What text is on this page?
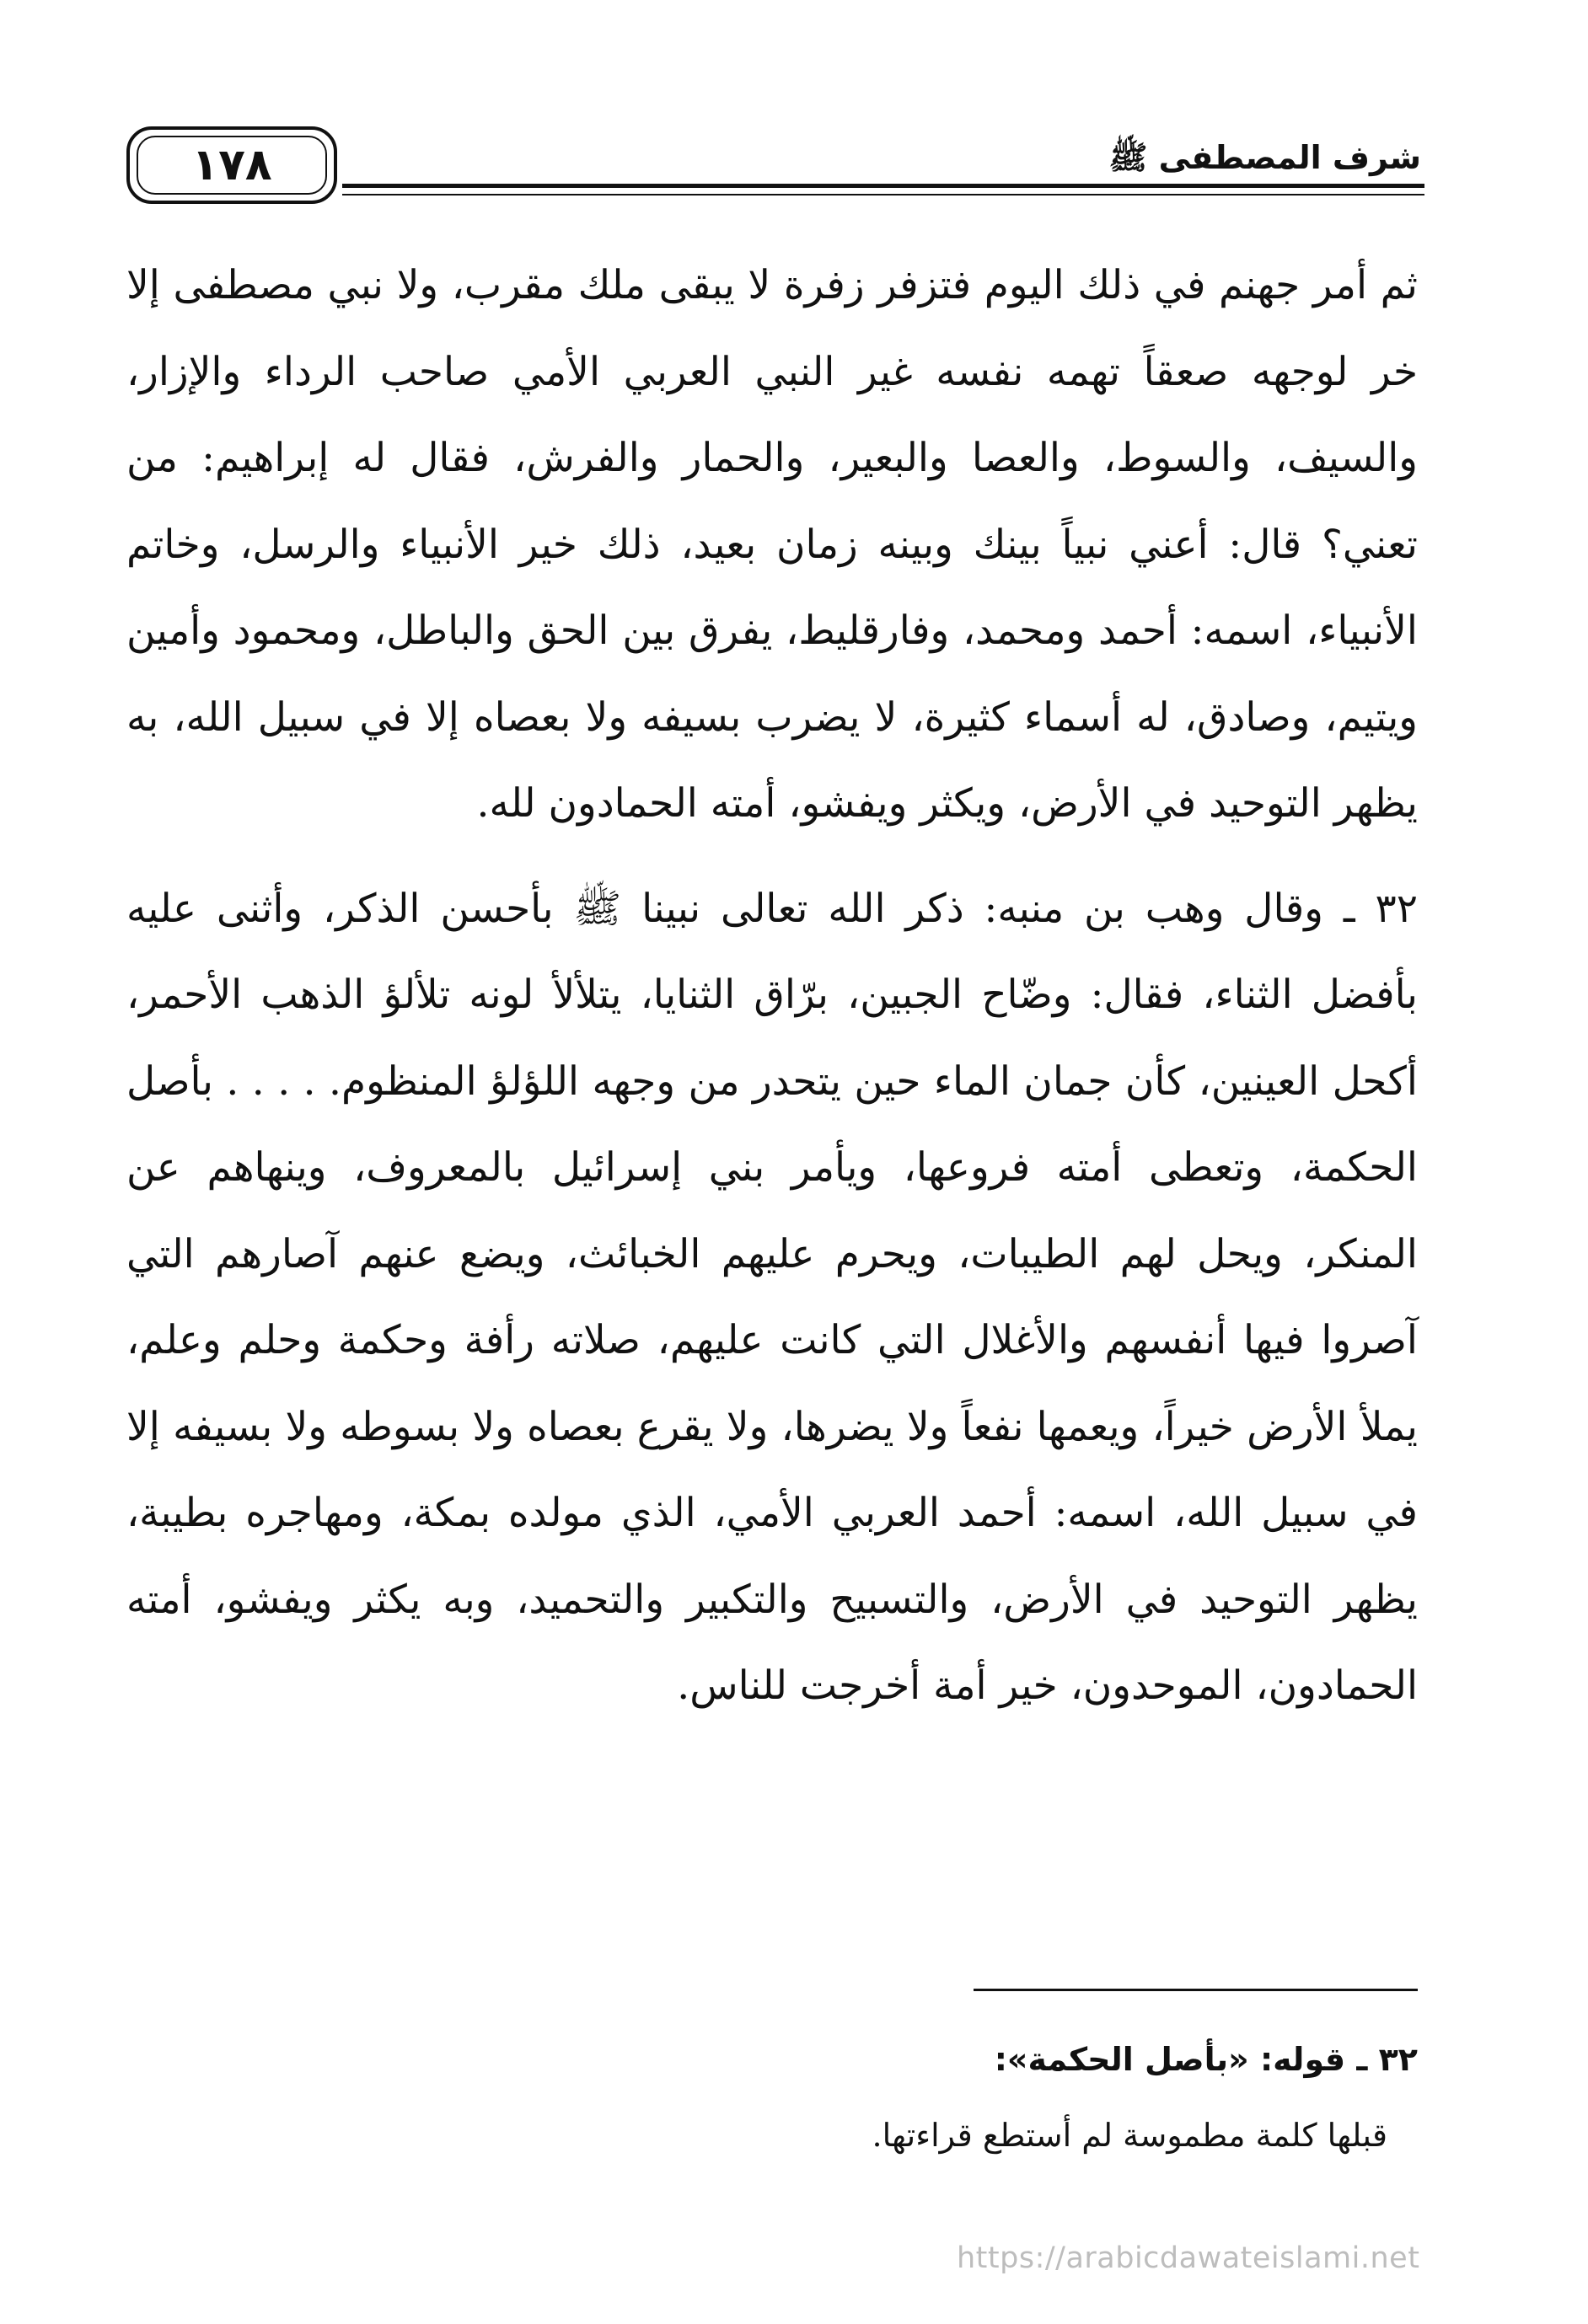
١٧٨	شرف المصطفى ﷺ

ثم أمر جهنم في ذلك اليوم فتزفر زفرة لا يبقى ملك مقرب، ولا نبي مصطفى إلا خر لوجهه صعقاً تهمه نفسه غير النبي العربي الأمي صاحب الرداء والإزار، والسيف، والسوط، والعصا والبعير، والحمار والفرش، فقال له إبراهيم: من تعني؟ قال: أعني نبياً بينك وبينه زمان بعيد، ذلك خير الأنبياء والرسل، وخاتم الأنبياء، اسمه: أحمد ومحمد، وفارقليط، يفرق بين الحق والباطل، ومحمود وأمين ويتيم، وصادق، له أسماء كثيرة، لا يضرب بسيفه ولا بعصاه إلا في سبيل الله، به يظهر التوحيد في الأرض، ويكثر ويفشو، أمته الحمادون لله.

٣٢ ـ وقال وهب بن منبه: ذكر الله تعالى نبينا ﷺ بأحسن الذكر، وأثنى عليه بأفضل الثناء، فقال: وضّاح الجبين، برّاق الثنايا، يتلألأ لونه تلألؤ الذهب الأحمر، أكحل العينين، كأن جمان الماء حين يتحدر من وجهه اللؤلؤ المنظوم. . . . . بأصل الحكمة، وتعطى أمته فروعها، ويأمر بني إسرائيل بالمعروف، وينهاهم عن المنكر، ويحل لهم الطيبات، ويحرم عليهم الخبائث، ويضع عنهم آصارهم التي آصروا فيها أنفسهم والأغلال التي كانت عليهم، صلاته رأفة وحكمة وحلم وعلم، يملأ الأرض خيراً، ويعمها نفعاً ولا يضرها، ولا يقرع بعصاه ولا بسوطه ولا بسيفه إلا في سبيل الله، اسمه: أحمد العربي الأمي، الذي مولده بمكة، ومهاجره بطيبة، يظهر التوحيد في الأرض، والتسبيح والتكبير والتحميد، وبه يكثر ويفشو، أمته الحمادون، الموحدون، خير أمة أخرجت للناس.

٣٢ ـ قوله: «بأصل الحكمة»:
قبلها كلمة مطموسة لم أستطع قراءتها.
https://arabicdawateislami.net
